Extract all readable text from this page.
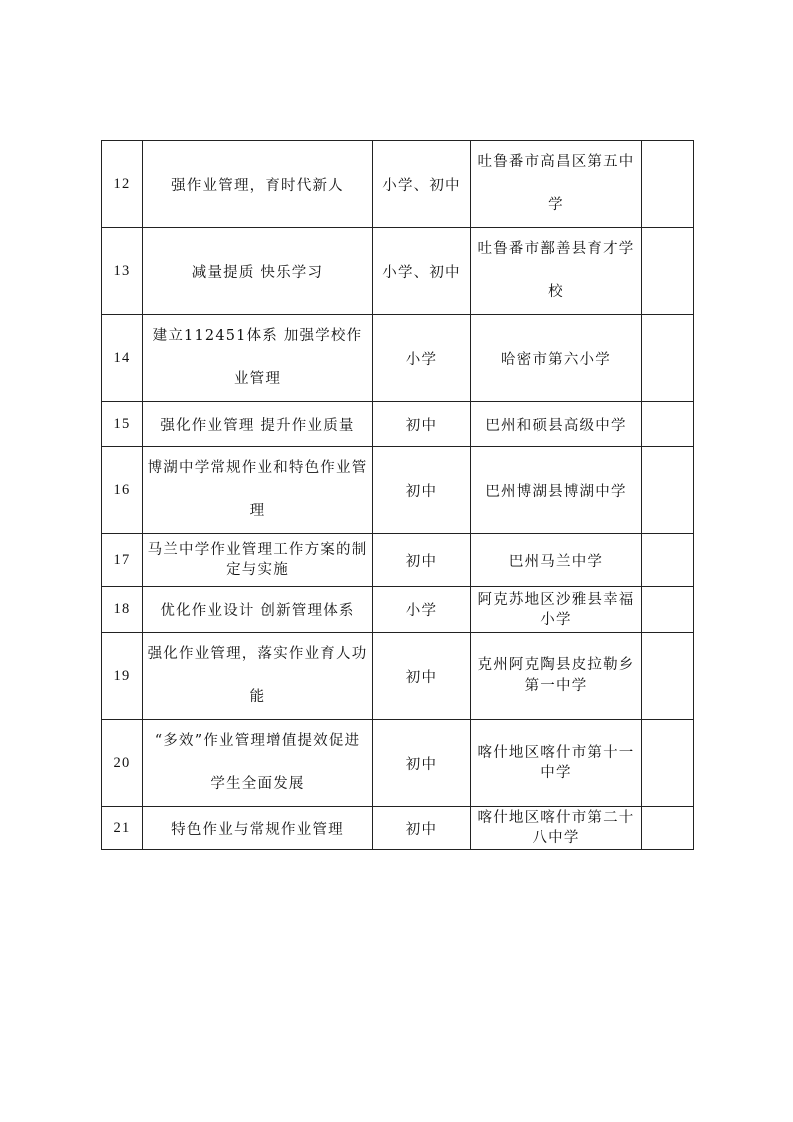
12	强作业管理，育时代新人	小学、初中	吐鲁番市高昌区第五中学	
13	减量提质 快乐学习	小学、初中	吐鲁番市鄯善县育才学校	
14	建立112451体系 加强学校作业管理	小学	哈密市第六小学	
15	强化作业管理 提升作业质量	初中	巴州和硕县高级中学	
16	博湖中学常规作业和特色作业管理	初中	巴州博湖县博湖中学	
17	马兰中学作业管理工作方案的制定与实施	初中	巴州马兰中学	
18	优化作业设计 创新管理体系	小学	阿克苏地区沙雅县幸福小学	
19	强化作业管理，落实作业育人功能	初中	克州阿克陶县皮拉勒乡第一中学	
20	“多效”作业管理增值提效促进学生全面发展	初中	喀什地区喀什市第十一中学	
21	特色作业与常规作业管理	初中	喀什地区喀什市第二十八中学	
